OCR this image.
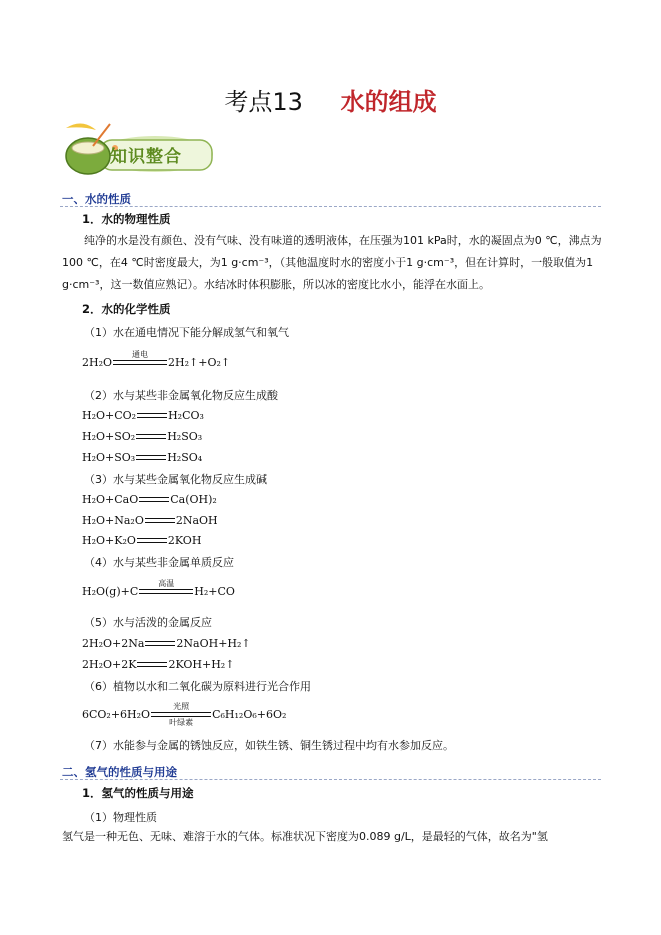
考点13 水的组成
知识整合
一、水的性质
1．水的物理性质

纯净的水是没有颜色、没有气味、没有味道的透明液体，在压强为101 kPa时，水的凝固点为0 ℃，沸点为100 ℃，在4 ℃时密度最大，为1 g·cm⁻³，（其他温度时水的密度小于1 g·cm⁻³，但在计算时，一般取值为1 g·cm⁻³，这一数值应熟记）。水结冰时体积膨胀，所以冰的密度比水小，能浮在水面上。

2．水的化学性质
（1）水在通电情况下能分解成氢气和氧气
2H₂O
通电
2H₂↑+O₂↑
（2）水与某些非金属氧化物反应生成酸
H₂O+CO₂	H₂CO₃
H₂O+SO₂	H₂SO₃
H₂O+SO₃	H₂SO₄
（3）水与某些金属氧化物反应生成碱
H₂O+CaO	Ca(OH)₂
H₂O+Na₂O	2NaOH
H₂O+K₂O	2KOH
（4）水与某些非金属单质反应
H₂O(g)+C
高温
H₂+CO
（5）水与活泼的金属反应
2H₂O+2Na	2NaOH+H₂↑
2H₂O+2K	2KOH+H₂↑
（6）植物以水和二氧化碳为原料进行光合作用
6CO₂+6H₂O
光照
叶绿素
C₆H₁₂O₆+6O₂
（7）水能参与金属的锈蚀反应，如铁生锈、铜生锈过程中均有水参加反应。
二、氢气的性质与用途
1．氢气的性质与用途
（1）物理性质

氢气是一种无色、无味、难溶于水的气体。标准状况下密度为0.089 g/L，是最轻的气体，故名为"氢
